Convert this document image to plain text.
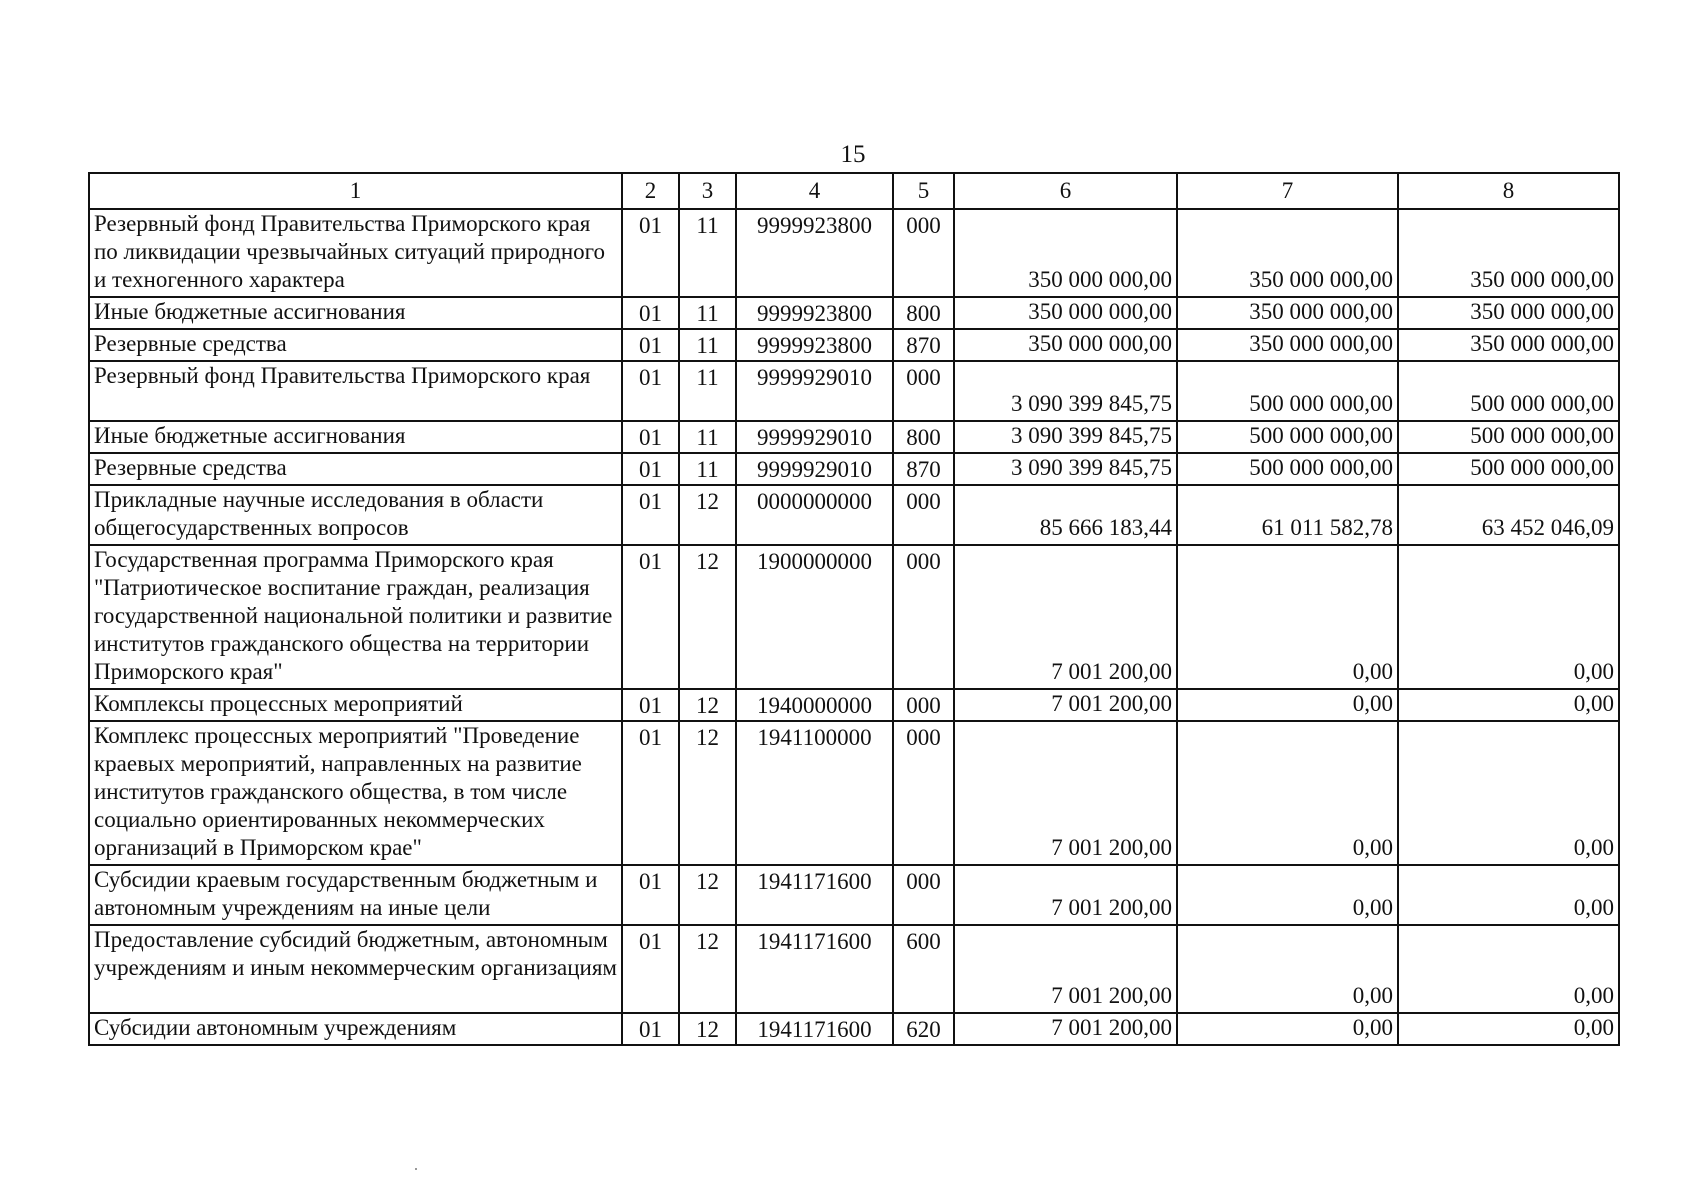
15
1	2	3	4	5	6	7	8
Резервный фонд Правительства Приморского края по ликвидации чрезвычайных ситуаций природного и техногенного характера	01	11	9999923800	000	350 000 000,00	350 000 000,00	350 000 000,00
Иные бюджетные ассигнования	01	11	9999923800	800	350 000 000,00	350 000 000,00	350 000 000,00
Резервные средства	01	11	9999923800	870	350 000 000,00	350 000 000,00	350 000 000,00
Резервный фонд Правительства Приморского края	01	11	9999929010	000	3 090 399 845,75	500 000 000,00	500 000 000,00
Иные бюджетные ассигнования	01	11	9999929010	800	3 090 399 845,75	500 000 000,00	500 000 000,00
Резервные средства	01	11	9999929010	870	3 090 399 845,75	500 000 000,00	500 000 000,00
Прикладные научные исследования в области общегосударственных вопросов	01	12	0000000000	000	85 666 183,44	61 011 582,78	63 452 046,09
Государственная программа Приморского края "Патриотическое воспитание граждан, реализация государственной национальной политики и развитие институтов гражданского общества на территории Приморского края"	01	12	1900000000	000	7 001 200,00	0,00	0,00
Комплексы процессных мероприятий	01	12	1940000000	000	7 001 200,00	0,00	0,00
Комплекс процессных мероприятий "Проведение краевых мероприятий, направленных на развитие институтов гражданского общества, в том числе социально ориентированных некоммерческих организаций в Приморском крае"	01	12	1941100000	000	7 001 200,00	0,00	0,00
Субсидии краевым государственным бюджетным и автономным учреждениям на иные цели	01	12	1941171600	000	7 001 200,00	0,00	0,00
Предоставление субсидий бюджетным, автономным учреждениям и иным некоммерческим организациям	01	12	1941171600	600	7 001 200,00	0,00	0,00
Субсидии автономным учреждениям	01	12	1941171600	620	7 001 200,00	0,00	0,00
